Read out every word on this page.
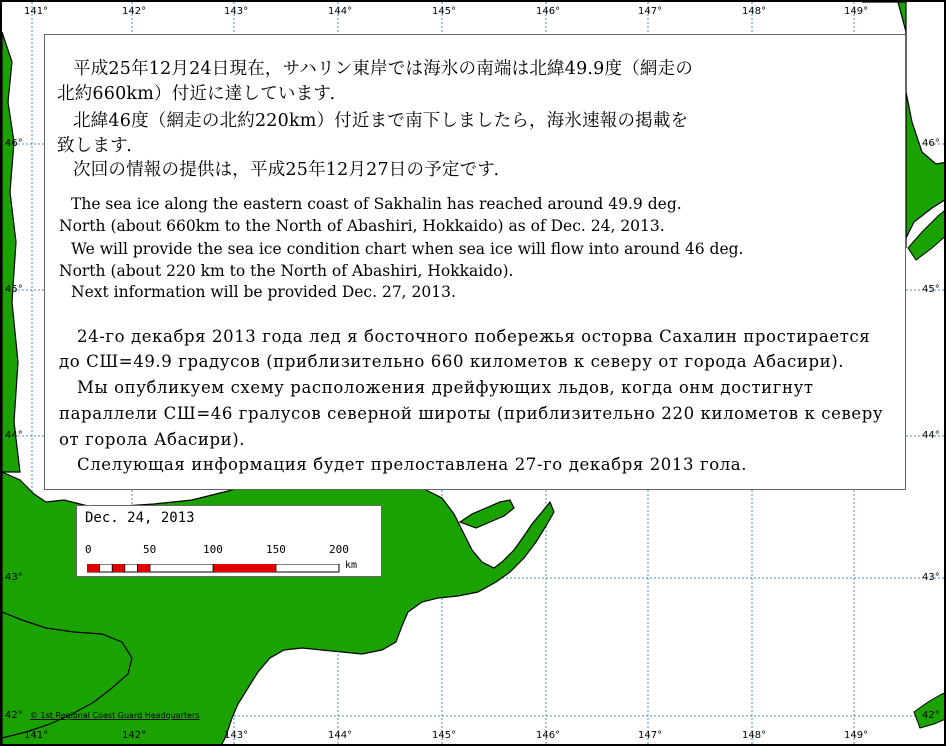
141°	142°	143°	144°	145°	146°	147°	148°	149°
141°	142°	143°	144°	145°	146°	147°	148°	149°
46°
45°
44°
43°
42°
46°
45°
44°
43°
42°
平成25年12月24日現在，サハリン東岸では海氷の南端は北緯49.9度（網走の
北約660km）付近に達しています．
北緯46度（網走の北約220km）付近まで南下しましたら，海氷速報の掲載を
致します．
次回の情報の提供は，平成25年12月27日の予定です．
The sea ice along the eastern coast of Sakhalin has reached around 49.9 deg.
North (about 660km to the North of Abashiri, Hokkaido) as of Dec. 24, 2013.
We will provide the sea ice condition chart when sea ice will flow into around 46 deg.
North (about 220 km to the North of Abashiri, Hokkaido).
Next information will be provided Dec. 27, 2013.
24-го декабря 2013 года лед я босточного побережья осторва Сахалин простирается
до СШ=49.9 градусов (приблизительно 660 километов к северу от города Абасири).
Мы опубликуем схему расположения дрейфующих льдов, когда онм достигнут
параллели СШ=46 гралусов северной широты (приблизительно 220 километов к северу
от горола Абасири).
Слелующая информация будет прелоставлена 27-го декабря 2013 гола.
Dec. 24, 2013
0	50	100	150	200
km
© 1st Regional Coast Guard Headquarters
